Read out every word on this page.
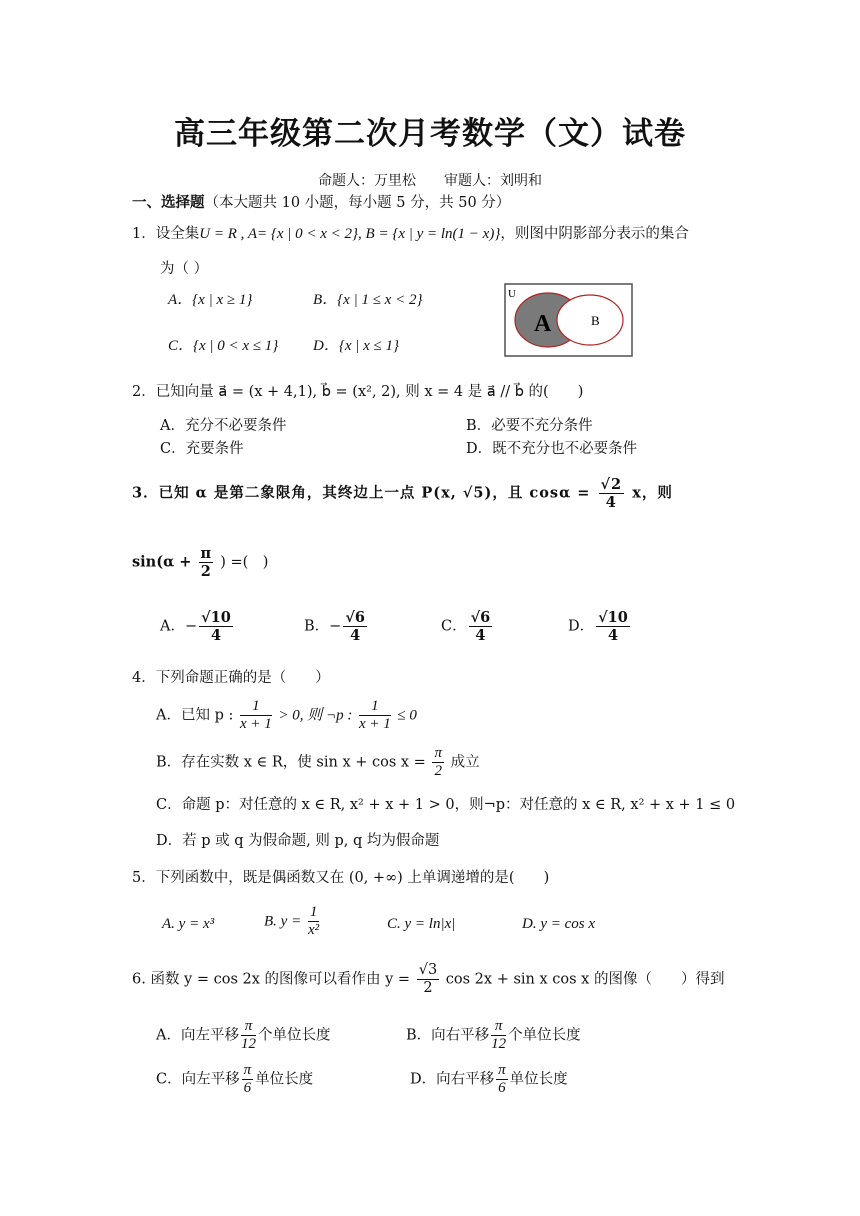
高三年级第二次月考数学（文）试卷
命题人：万里松　　审题人：刘明和
一、选择题（本大题共 10 小题，每小题 5 分，共 50 分）
1．设全集U = R , A= {x | 0 < x < 2}, B = {x | y = ln(1 − x)}，则图中阴影部分表示的集合
为（ ）
A．{x | x ≥ 1}	B．{x | 1 ≤ x < 2}
C．{x | 0 < x ≤ 1} D．{x | x ≤ 1}
U
A	B
2．已知向量 a⃗ = (x + 4,1), b⃗ = (x², 2), 则 x = 4 是 a⃗ // b⃗ 的(　　)
A．充分不必要条件	B．必要不充分条件
C．充要条件	D．既不充分也不必要条件
3．已知 α 是第二象限角，其终边上一点 P(x, √5)，且 $\cos\alpha = \frac{√2}{4}$ x，则
$\sin(\alpha + \frac{\pi}{2}$ ) =(　)
A．− $\frac{√10}{4}$	B．− $\frac{√6}{4}$	C． $\frac{√6}{4}$	D． $\frac{√10}{4}$
4．下列命题正确的是（　　）
A．已知 p : $\frac{1}{x + 1} > 0$, 则 ¬p : $\frac{1}{x + 1} \le 0$
B．存在实数 x ∈ R，使 $\sin x + \cos x = \frac{\pi}{2}$ 成立
C．命题 p：对任意的 x ∈ R, x² + x + 1 > 0，则¬p：对任意的 x ∈ R, x² + x + 1 ≤ 0
D．若 p 或 q 为假命题, 则 p, q 均为假命题
5．下列函数中，既是偶函数又在 (0, +∞) 上单调递增的是(　　)
A. y = x³	B. $y = \frac{1}{\text{x²}}$	C. y = ln|x|	D. y = cos x
6. 函数 y = cos 2x 的图像可以看作由 $y = \frac{√3}{2}$ cos 2x + sin x cos x 的图像（　　）得到
A．向左平移 $\frac{\pi}{12}$ 个单位长度	B．向右平移 $\frac{\pi}{12}$ 个单位长度
C．向左平移 $\frac{\pi}{6}$ 单位长度	D．向右平移 $\frac{\pi}{6}$ 单位长度
